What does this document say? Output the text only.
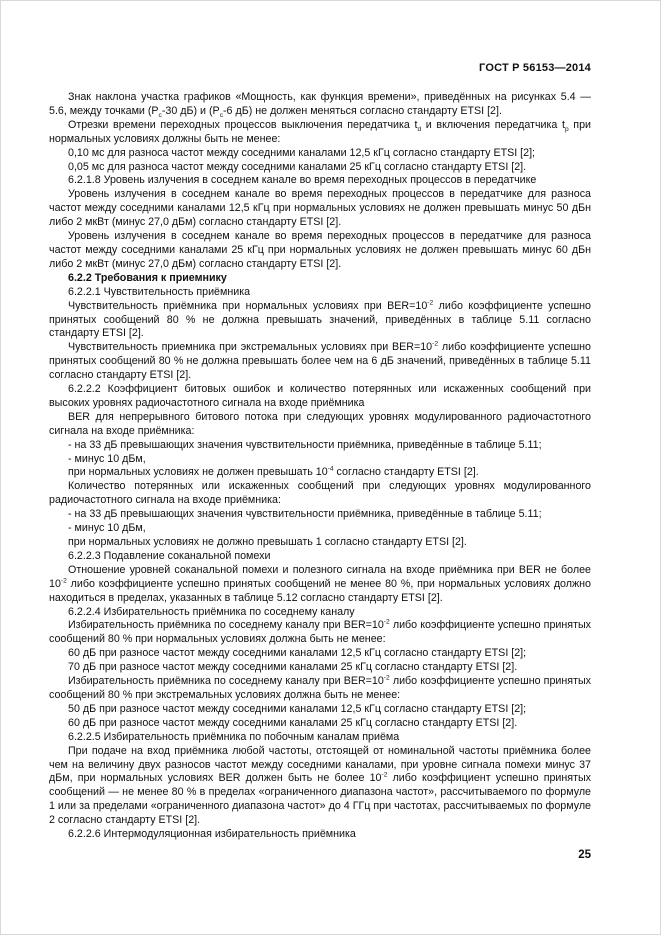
ГОСТ Р 56153—2014

Знак наклона участка графиков «Мощность, как функция времени», приведённых на рисунках 5.4 — 5.6, между точками ($Р_с-30$ дБ) и ($Р_с-6$ дБ) не должен меняться согласно стандарту ETSI [2].

Отрезки времени переходных процессов выключения передатчика $t_d$ и включения передатчика $t_p$ при нормальных условиях должны быть не менее:

0,10 мс для разноса частот между соседними каналами 12,5 кГц согласно стандарту ETSI [2];

0,05 мс для разноса частот между соседними каналами 25 кГц согласно стандарту ETSI [2].

6.2.1.8 Уровень излучения в соседнем канале во время переходных процессов в передатчике

Уровень излучения в соседнем канале во время переходных процессов в передатчике для разноса частот между соседними каналами 12,5 кГц при нормальных условиях не должен превышать минус 50 дБн либо 2 мкВт (минус 27,0 дБм) согласно стандарту ETSI [2].

Уровень излучения в соседнем канале во время переходных процессов в передатчике для разноса частот между соседними каналами 25 кГц при нормальных условиях не должен превышать минус 60 дБн либо 2 мкВт (минус 27,0 дБм) согласно стандарту ETSI [2].

6.2.2 Требования к приемнику

6.2.2.1 Чувствительность приёмника

Чувствительность приёмника при нормальных условиях при $BER=10^{-2}$ либо коэффициенте успешно принятых сообщений 80 % не должна превышать значений, приведённых в таблице 5.11 согласно стандарту ETSI [2].

Чувствительность приемника при экстремальных условиях при $BER=10^{-2}$ либо коэффициенте успешно принятых сообщений 80 % не должна превышать более чем на 6 дБ значений, приведённых в таблице 5.11 согласно стандарту ETSI [2].

6.2.2.2 Коэффициент битовых ошибок и количество потерянных или искаженных сообщений при высоких уровнях радиочастотного сигнала на входе приёмника

BER для непрерывного битового потока при следующих уровнях модулированного радиочастотного сигнала на входе приёмника:

- на 33 дБ превышающих значения чувствительности приёмника, приведённые в таблице 5.11;

- минус 10 дБм,

при нормальных условиях не должен превышать $10^{-4}$ согласно стандарту ETSI [2].

Количество потерянных или искаженных сообщений при следующих уровнях модулированного радиочастотного сигнала на входе приёмника:

- на 33 дБ превышающих значения чувствительности приёмника, приведённые в таблице 5.11;

- минус 10 дБм,

при нормальных условиях не должно превышать 1 согласно стандарту ETSI [2].

6.2.2.3 Подавление соканальной помехи

Отношение уровней соканальной помехи и полезного сигнала на входе приёмника при BER не более $10^{-2}$ либо коэффициенте успешно принятых сообщений не менее 80 %, при нормальных условиях должно находиться в пределах, указанных в таблице 5.12 согласно стандарту ETSI [2].

6.2.2.4 Избирательность приёмника по соседнему каналу

Избирательность приёмника по соседнему каналу при $BER=10^{-2}$ либо коэффициенте успешно принятых сообщений 80 % при нормальных условиях должна быть не менее:

60 дБ при разносе частот между соседними каналами 12,5 кГц согласно стандарту ETSI [2];

70 дБ при разносе частот между соседними каналами 25 кГц согласно стандарту ETSI [2].

Избирательность приёмника по соседнему каналу при $BER=10^{-2}$ либо коэффициенте успешно принятых сообщений 80 % при экстремальных условиях должна быть не менее:

50 дБ при разносе частот между соседними каналами 12,5 кГц согласно стандарту ETSI [2];

60 дБ при разносе частот между соседними каналами 25 кГц согласно стандарту ETSI [2].

6.2.2.5 Избирательность приёмника по побочным каналам приёма

При подаче на вход приёмника любой частоты, отстоящей от номинальной частоты приёмника более чем на величину двух разносов частот между соседними каналами, при уровне сигнала помехи минус 37 дБм, при нормальных условиях BER должен быть не более $10^{-2}$ либо коэффициент успешно принятых сообщений — не менее 80 % в пределах «ограниченного диапазона частот», рассчитываемого по формуле 1 или за пределами «ограниченного диапазона частот» до 4 ГГц при частотах, рассчитываемых по формуле 2 согласно стандарту ETSI [2].

6.2.2.6 Интермодуляционная избирательность приёмника

25
